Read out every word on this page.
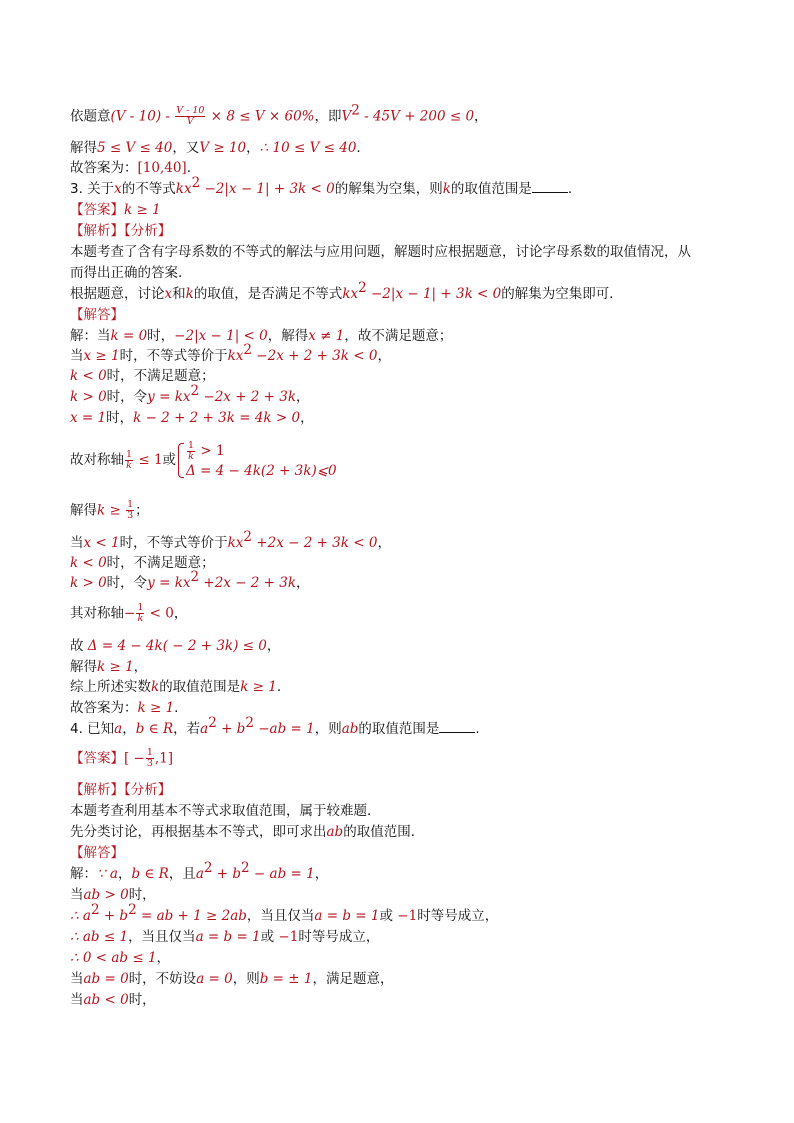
依题意$(V - 10) - \frac{V - 10}{V} \times 8 \le V \times 60\%$，即$V^2 - 45V + 200 \le 0$，
解得5 ≤ V ≤ 40，又V ≥ 10，∴ 10 ≤ V ≤ 40.
故答案为：[10,40].
3. 关于x的不等式$kx^2 -2|x - 1| + 3k < 0$的解集为空集，则k的取值范围是	.
【答案】k ≥ 1
【解析】【分析】
本题考查了含有字母系数的不等式的解法与应用问题，解题时应根据题意，讨论字母系数的取值情况，从
而得出正确的答案．
根据题意，讨论x和k的取值，是否满足不等式$kx^2 -2|x - 1| + 3k < 0$的解集为空集即可．
【解答】
解：当k = 0时，−2|x − 1| < 0，解得x ≠ 1，故不满足题意；
当x ≥ 1时，不等式等价于$kx^2 -2x + 2 + 3k < 0$，
k < 0时，不满足题意；
k > 0时，令$y = kx^2 -2x + 2 + 3k$，
x = 1时，k − 2 + 2 + 3k = 4k > 0，
故对称轴 $\frac{1}{k} \le 1$或 $\frac{1}{k} > 1$
Δ = 4 − 4k(2 + 3k)⩽0
解得$k \ge \frac{1}{3}$ ；
当x < 1时，不等式等价于$kx^2 +2x - 2 + 3k < 0$，
k < 0时，不满足题意；
k > 0时，令$y = kx^2 +2x - 2 + 3k$，
其对称轴− $\frac{1}{k} < 0$，
故 Δ = 4 − 4k( − 2 + 3k) ≤ 0，
解得k ≥ 1，
综上所述实数k的取值范围是k ≥ 1.
故答案为：k ≥ 1.
4. 已知a，b ∈ R，若$a^2 + b^2 -ab = 1$，则ab的取值范围是	.
【答案】[ − $\frac{1}{3} ,1$]
【解析】【分析】
本题考查利用基本不等式求取值范围，属于较难题．
先分类讨论，再根据基本不等式，即可求出ab的取值范围．
【解答】
解：∵ a，b ∈ R，且$a^2 + b^2$ − ab = 1，
当ab > 0时，
∴ $a^2 + b^2$ = ab + 1 ≥ 2ab，当且仅当a = b = 1或 −1时等号成立，
∴ ab ≤ 1，当且仅当a = b = 1或 −1时等号成立，
∴ 0 < ab ≤ 1，
当ab = 0时，不妨设a = 0，则b = ± 1，满足题意，
当ab < 0时，
